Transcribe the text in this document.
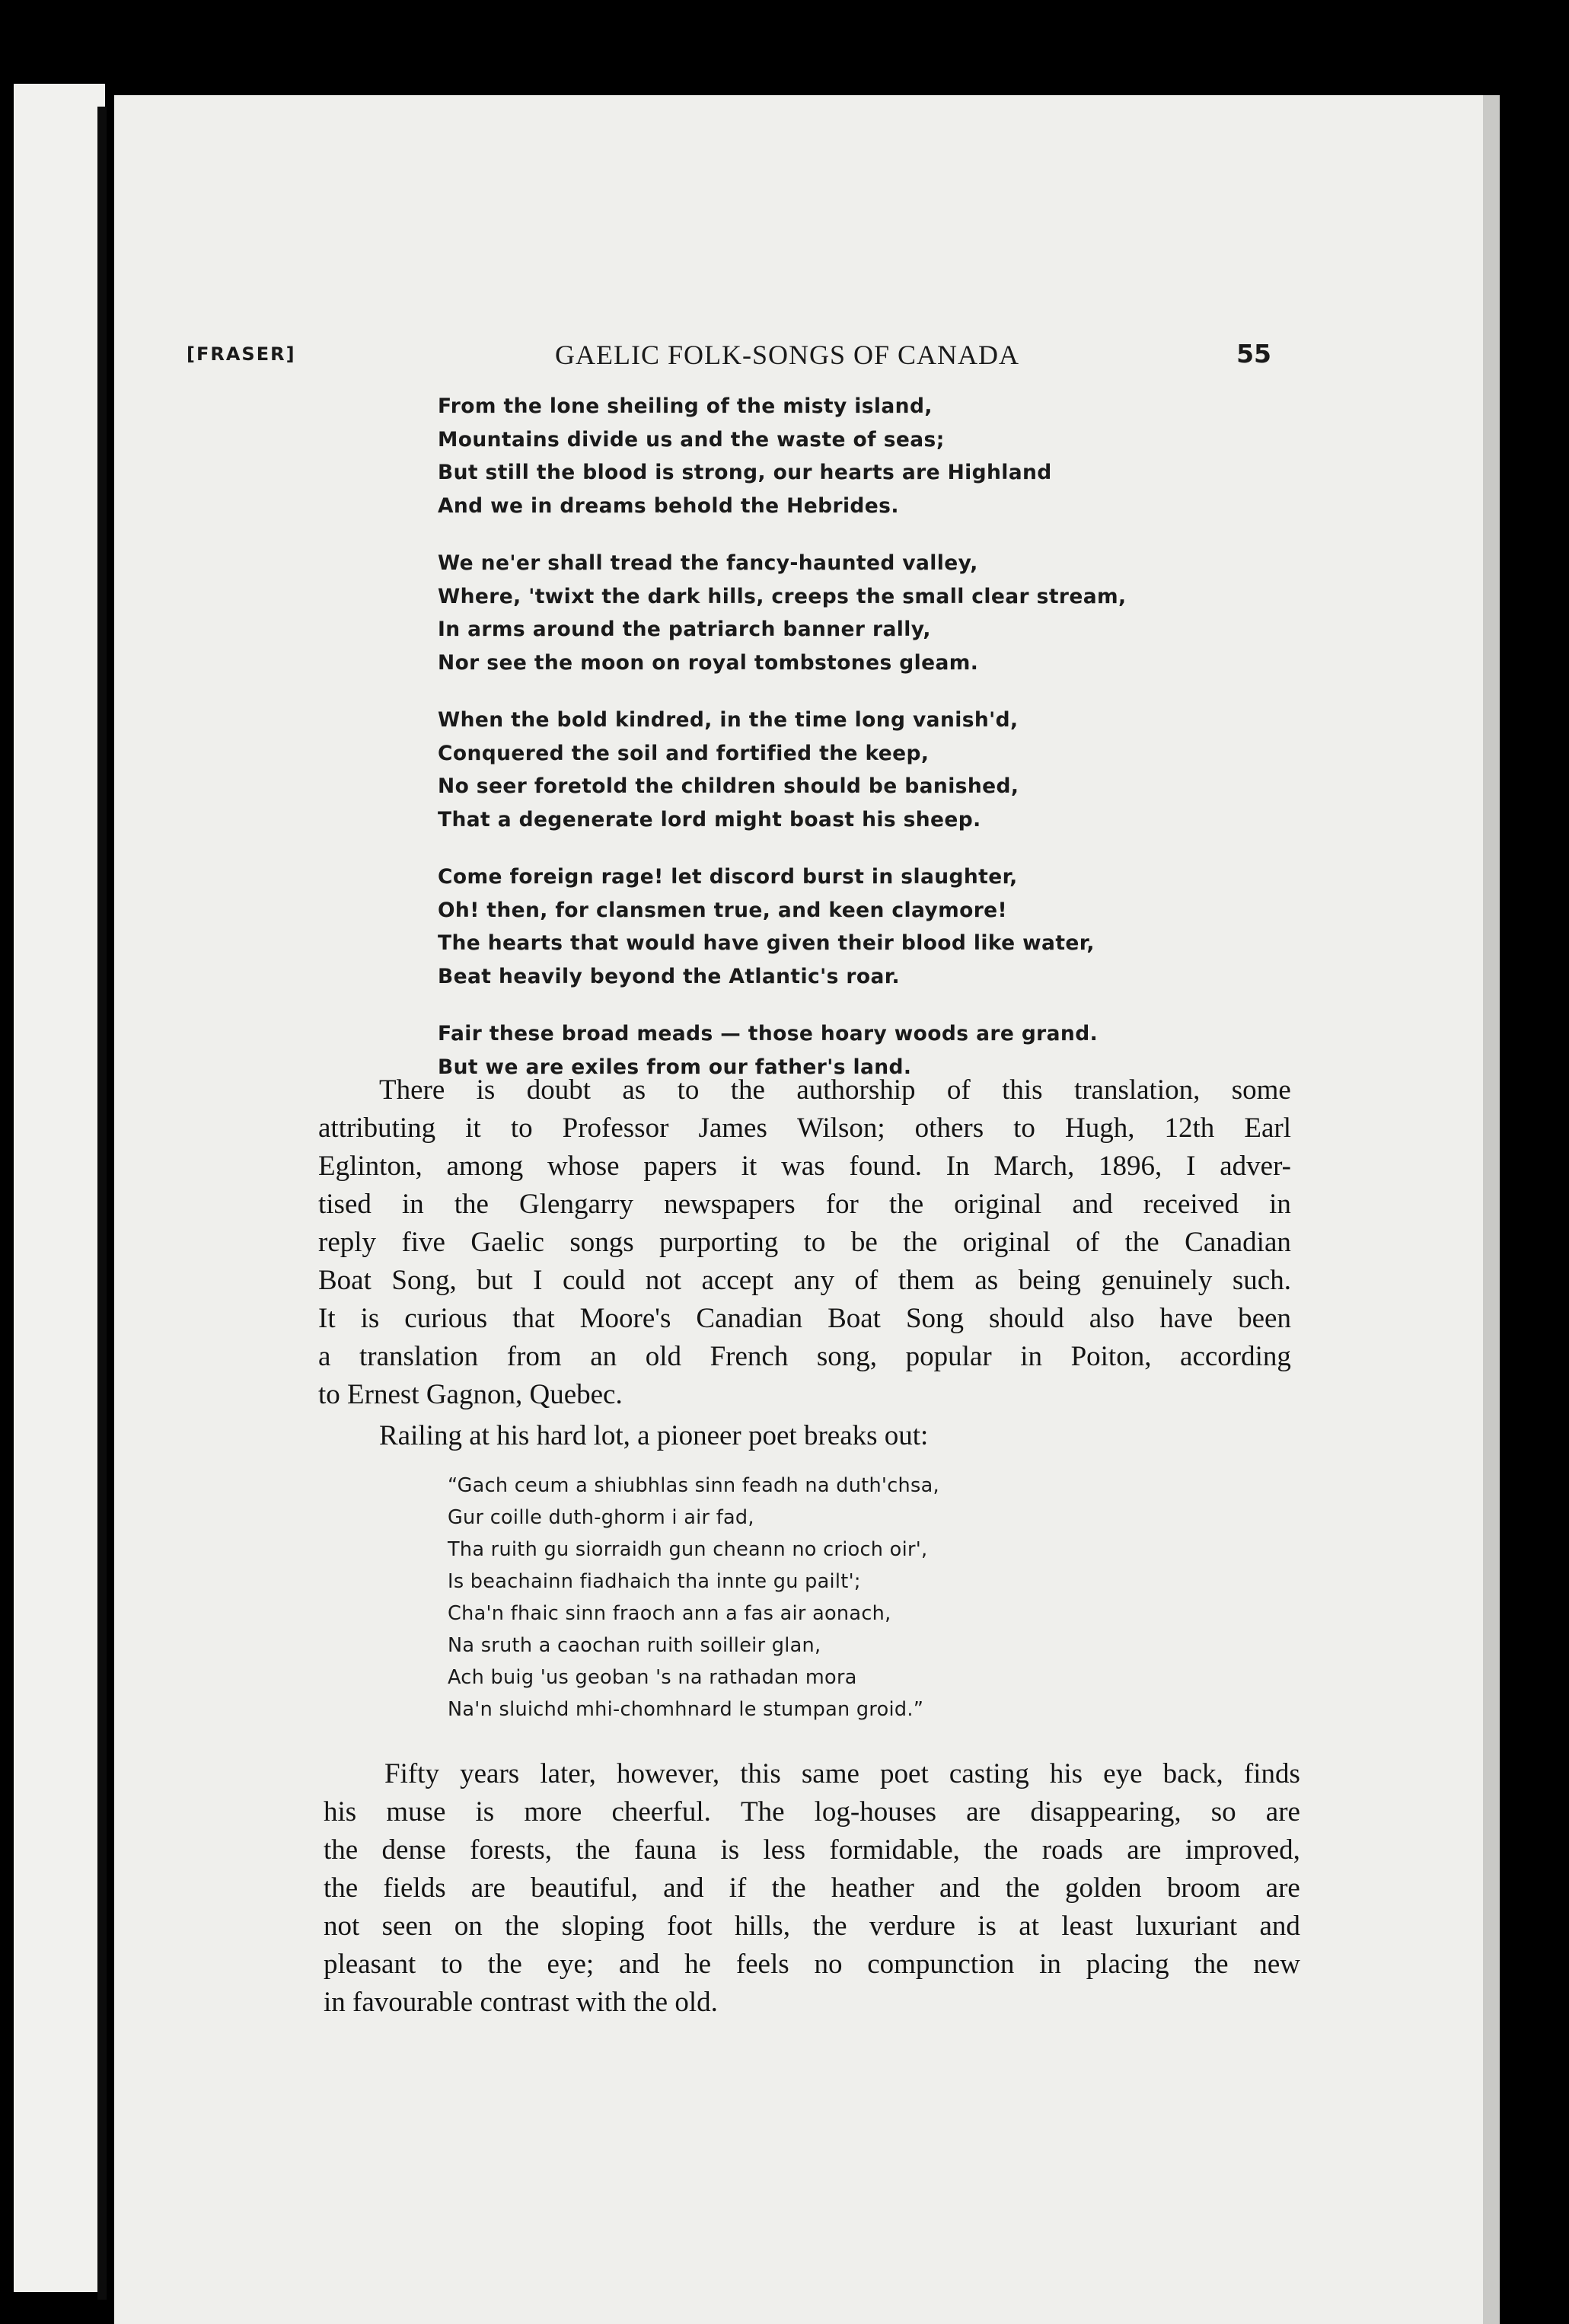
[FRASER]	GAELIC FOLK-SONGS OF CANADA	55
From the lone sheiling of the misty island,
Mountains divide us and the waste of seas;
But still the blood is strong, our hearts are Highland
And we in dreams behold the Hebrides.
We ne'er shall tread the fancy-haunted valley,
Where, 'twixt the dark hills, creeps the small clear stream,
In arms around the patriarch banner rally,
Nor see the moon on royal tombstones gleam.
When the bold kindred, in the time long vanish'd,
Conquered the soil and fortified the keep,
No seer foretold the children should be banished,
That a degenerate lord might boast his sheep.
Come foreign rage! let discord burst in slaughter,
Oh! then, for clansmen true, and keen claymore!
The hearts that would have given their blood like water,
Beat heavily beyond the Atlantic's roar.
Fair these broad meads — those hoary woods are grand.
But we are exiles from our father's land.
There is doubt as to the authorship of this translation, some
attributing it to Professor James Wilson; others to Hugh, 12th Earl
Eglinton, among whose papers it was found. In March, 1896, I adver-
tised in the Glengarry newspapers for the original and received in
reply five Gaelic songs purporting to be the original of the Canadian
Boat Song, but I could not accept any of them as being genuinely such.
It is curious that Moore's Canadian Boat Song should also have been
a translation from an old French song, popular in Poiton, according
to Ernest Gagnon, Quebec.
Railing at his hard lot, a pioneer poet breaks out:
“Gach ceum a shiubhlas sinn feadh na duth'chsa,
Gur coille duth-ghorm i air fad,
Tha ruith gu siorraidh gun cheann no crioch oir',
Is beachainn fiadhaich tha innte gu pailt';
Cha'n fhaic sinn fraoch ann a fas air aonach,
Na sruth a caochan ruith soilleir glan,
Ach buig 'us geoban 's na rathadan mora
Na'n sluichd mhi-chomhnard le stumpan groid.”
Fifty years later, however, this same poet casting his eye back, finds
his muse is more cheerful. The log-houses are disappearing, so are
the dense forests, the fauna is less formidable, the roads are improved,
the fields are beautiful, and if the heather and the golden broom are
not seen on the sloping foot hills, the verdure is at least luxuriant and
pleasant to the eye; and he feels no compunction in placing the new
in favourable contrast with the old.
